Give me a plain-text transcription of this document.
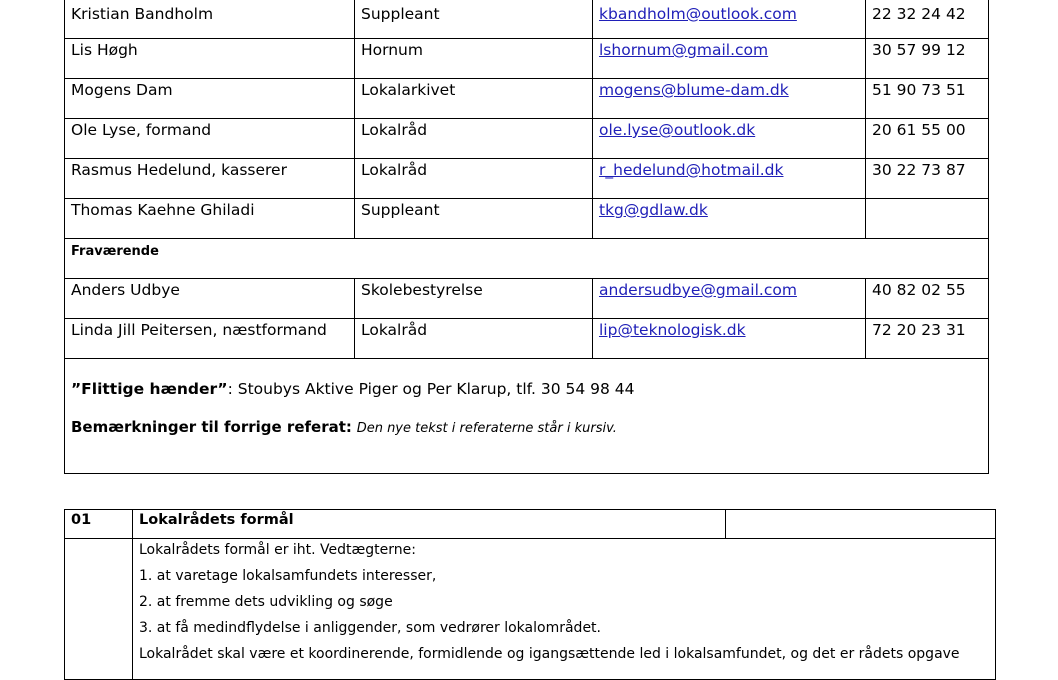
Kristian Bandholm	Suppleant	kbandholm@outlook.com	22 32 24 42

Lis Høgh	Hornum	lshornum@gmail.com	30 57 99 12

Mogens Dam	Lokalarkivet	mogens@blume-dam.dk	51 90 73 51

Ole Lyse, formand	Lokalråd	ole.lyse@outlook.dk	20 61 55 00

Rasmus Hedelund, kasserer	Lokalråd	r_hedelund@hotmail.dk	30 22 73 87

Thomas Kaehne Ghiladi	Suppleant	tkg@gdlaw.dk	

Fraværende			

Anders Udbye	Skolebestyrelse	andersudbye@gmail.com	40 82 02 55

Linda Jill Peitersen, næstformand	Lokalråd	lip@teknologisk.dk	72 20 23 31

”Flittige hænder”: Stoubys Aktive Piger og Per Klarup, tlf. 30 54 98 44
Bemærkninger til forrige referat: Den nye tekst i referaterne står i kursiv.			
01	Lokalrådets formål	

	Lokalrådets formål er iht. Vedtægterne:
1. at varetage lokalsamfundets interesser,
2. at fremme dets udvikling og søge
3. at få medindflydelse i anliggender, som vedrører lokalområdet.
Lokalrådet skal være et koordinerende, formidlende og igangsættende led i lokalsamfundet, og det er rådets opgave	
